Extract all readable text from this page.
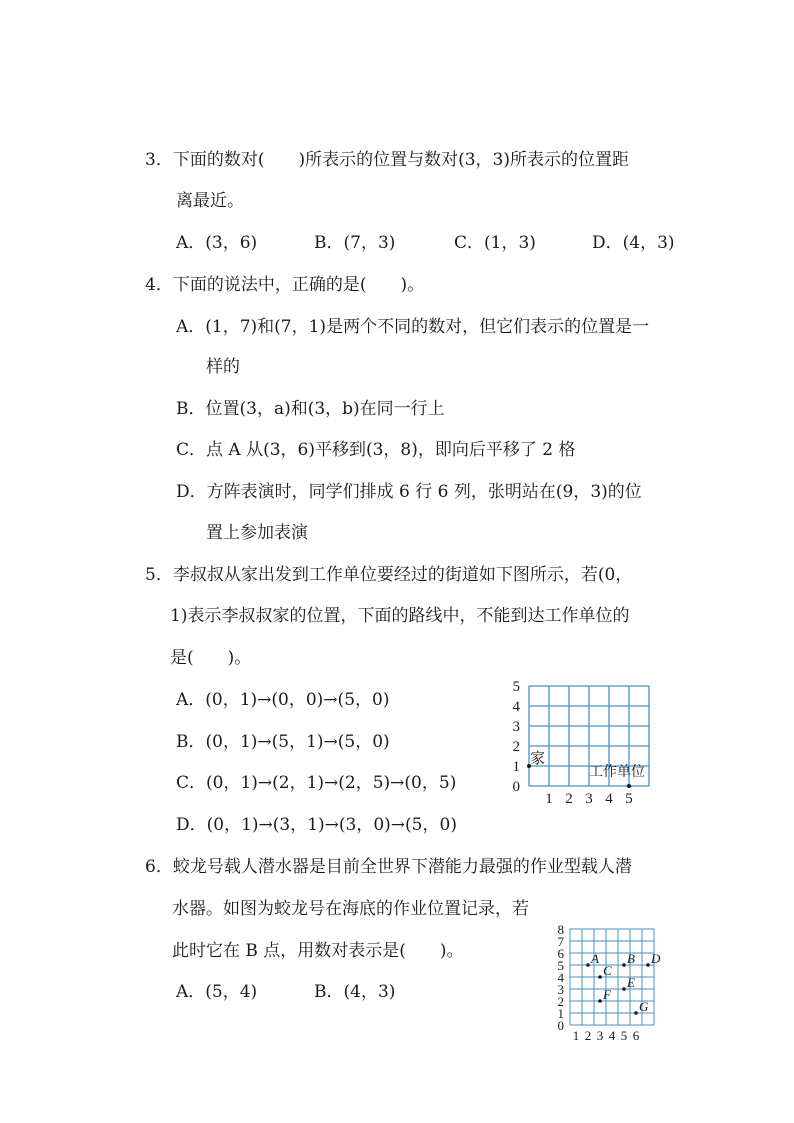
3．下面的数对(　　)所表示的位置与数对(3，3)所表示的位置距
离最近。
A．(3，6)	B．(7，3)	C．(1，3)	D．(4，3)
4．下面的说法中，正确的是(　　)。
A．(1，7)和(7，1)是两个不同的数对，但它们表示的位置是一
样的
B．位置(3，a)和(3，b)在同一行上
C．点 A 从(3，6)平移到(3，8)，即向后平移了 2 格
D．方阵表演时，同学们排成 6 行 6 列，张明站在(9，3)的位
置上参加表演
5．李叔叔从家出发到工作单位要经过的街道如下图所示，若(0，
1)表示李叔叔家的位置，下面的路线中，不能到达工作单位的
是(　　)。
A．(0，1)→(0，0)→(5，0)
B．(0，1)→(5，1)→(5，0)
C．(0，1)→(2，1)→(2，5)→(0，5)
D．(0，1)→(3，1)→(3，0)→(5，0)
0
1
2
3
4
5
1 2 3 4 5
家
工作单位
6．蛟龙号载人潜水器是目前全世界下潜能力最强的作业型载人潜
水器。如图为蛟龙号在海底的作业位置记录，若
此时它在 B 点，用数对表示是(　　)。
A．(5，4)	B．(4，3)
0
1
2
3
4
5
6
7
8
1 2 3 4 5 6
A B
C
D
E
F
G
